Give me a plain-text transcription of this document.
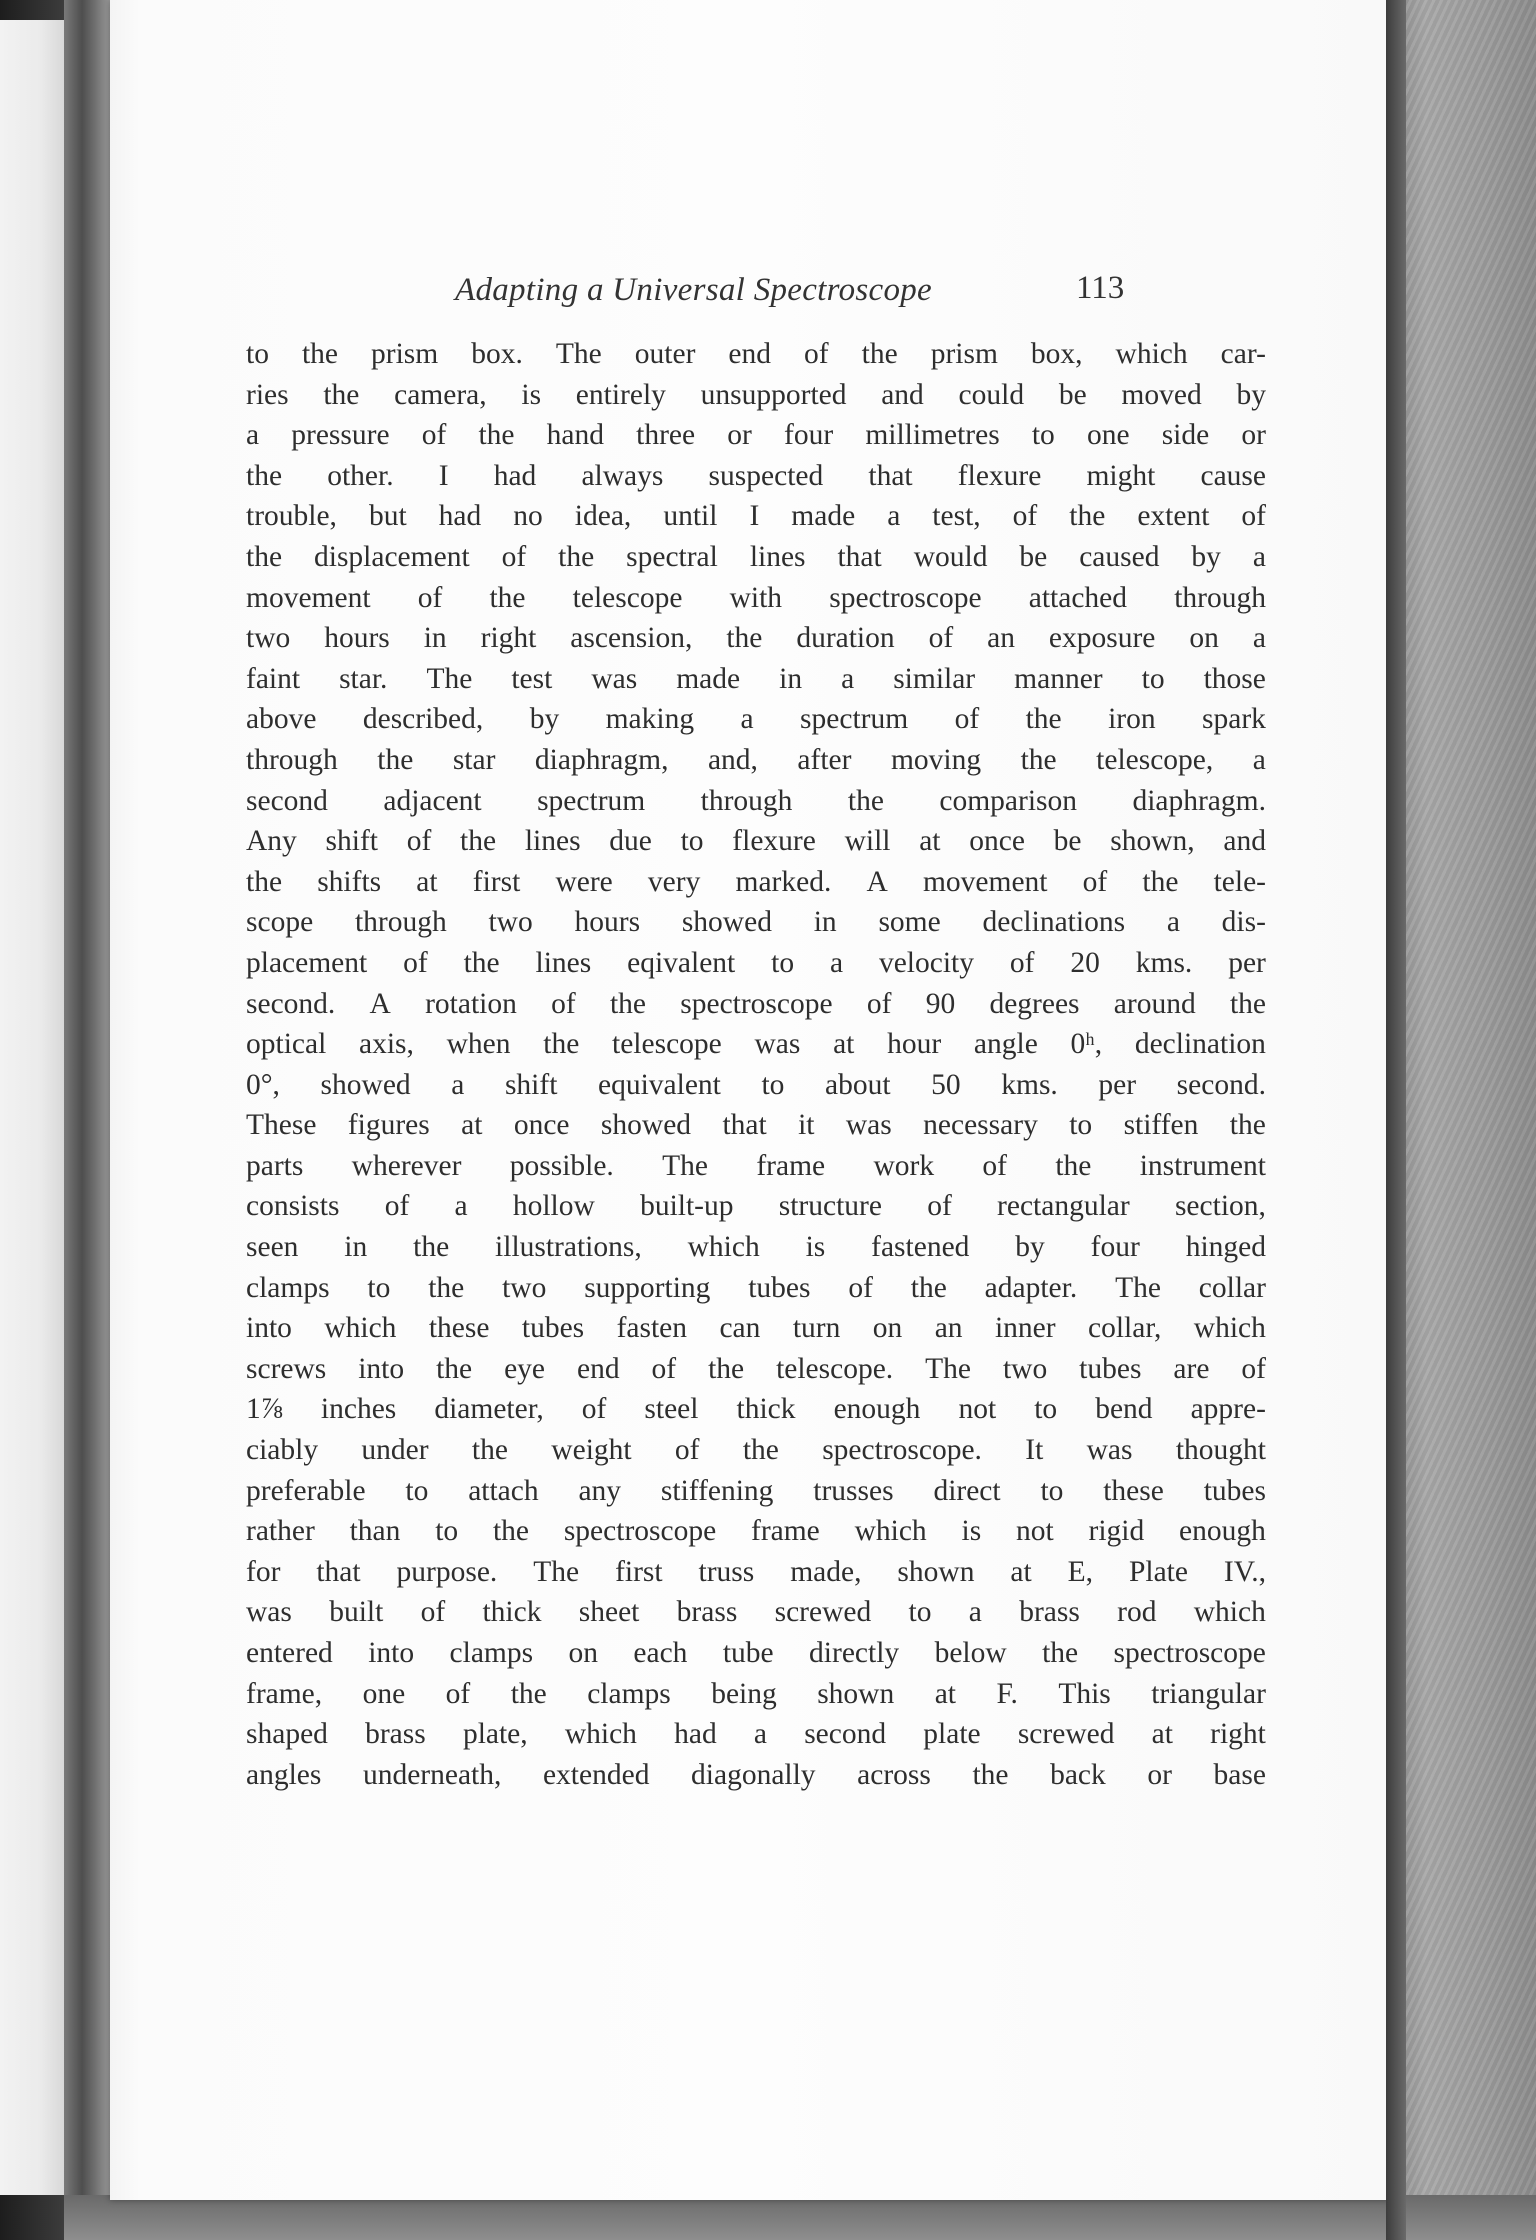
Adapting a Universal Spectroscope	113
to the prism box. The outer end of the prism box, which car-
ries the camera, is entirely unsupported and could be moved by
a pressure of the hand three or four millimetres to one side or
the other. I had always suspected that flexure might cause
trouble, but had no idea, until I made a test, of the extent of
the displacement of the spectral lines that would be caused by a
movement of the telescope with spectroscope attached through
two hours in right ascension, the duration of an exposure on a
faint star. The test was made in a similar manner to those
above described, by making a spectrum of the iron spark
through the star diaphragm, and, after moving the telescope, a
second adjacent spectrum through the comparison diaphragm.
Any shift of the lines due to flexure will at once be shown, and
the shifts at first were very marked. A movement of the tele-
scope through two hours showed in some declinations a dis-
placement of the lines eqivalent to a velocity of 20 kms. per
second. A rotation of the spectroscope of 90 degrees around the
optical axis, when the telescope was at hour angle 0ʰ, declination
0°, showed a shift equivalent to about 50 kms. per second.
These figures at once showed that it was necessary to stiffen the
parts wherever possible. The frame work of the instrument
consists of a hollow built-up structure of rectangular section,
seen in the illustrations, which is fastened by four hinged
clamps to the two supporting tubes of the adapter. The collar
into which these tubes fasten can turn on an inner collar, which
screws into the eye end of the telescope. The two tubes are of
1⅞ inches diameter, of steel thick enough not to bend appre-
ciably under the weight of the spectroscope. It was thought
preferable to attach any stiffening trusses direct to these tubes
rather than to the spectroscope frame which is not rigid enough
for that purpose. The first truss made, shown at E, Plate IV.,
was built of thick sheet brass screwed to a brass rod which
entered into clamps on each tube directly below the spectroscope
frame, one of the clamps being shown at F. This triangular
shaped brass plate, which had a second plate screwed at right
angles underneath, extended diagonally across the back or base
